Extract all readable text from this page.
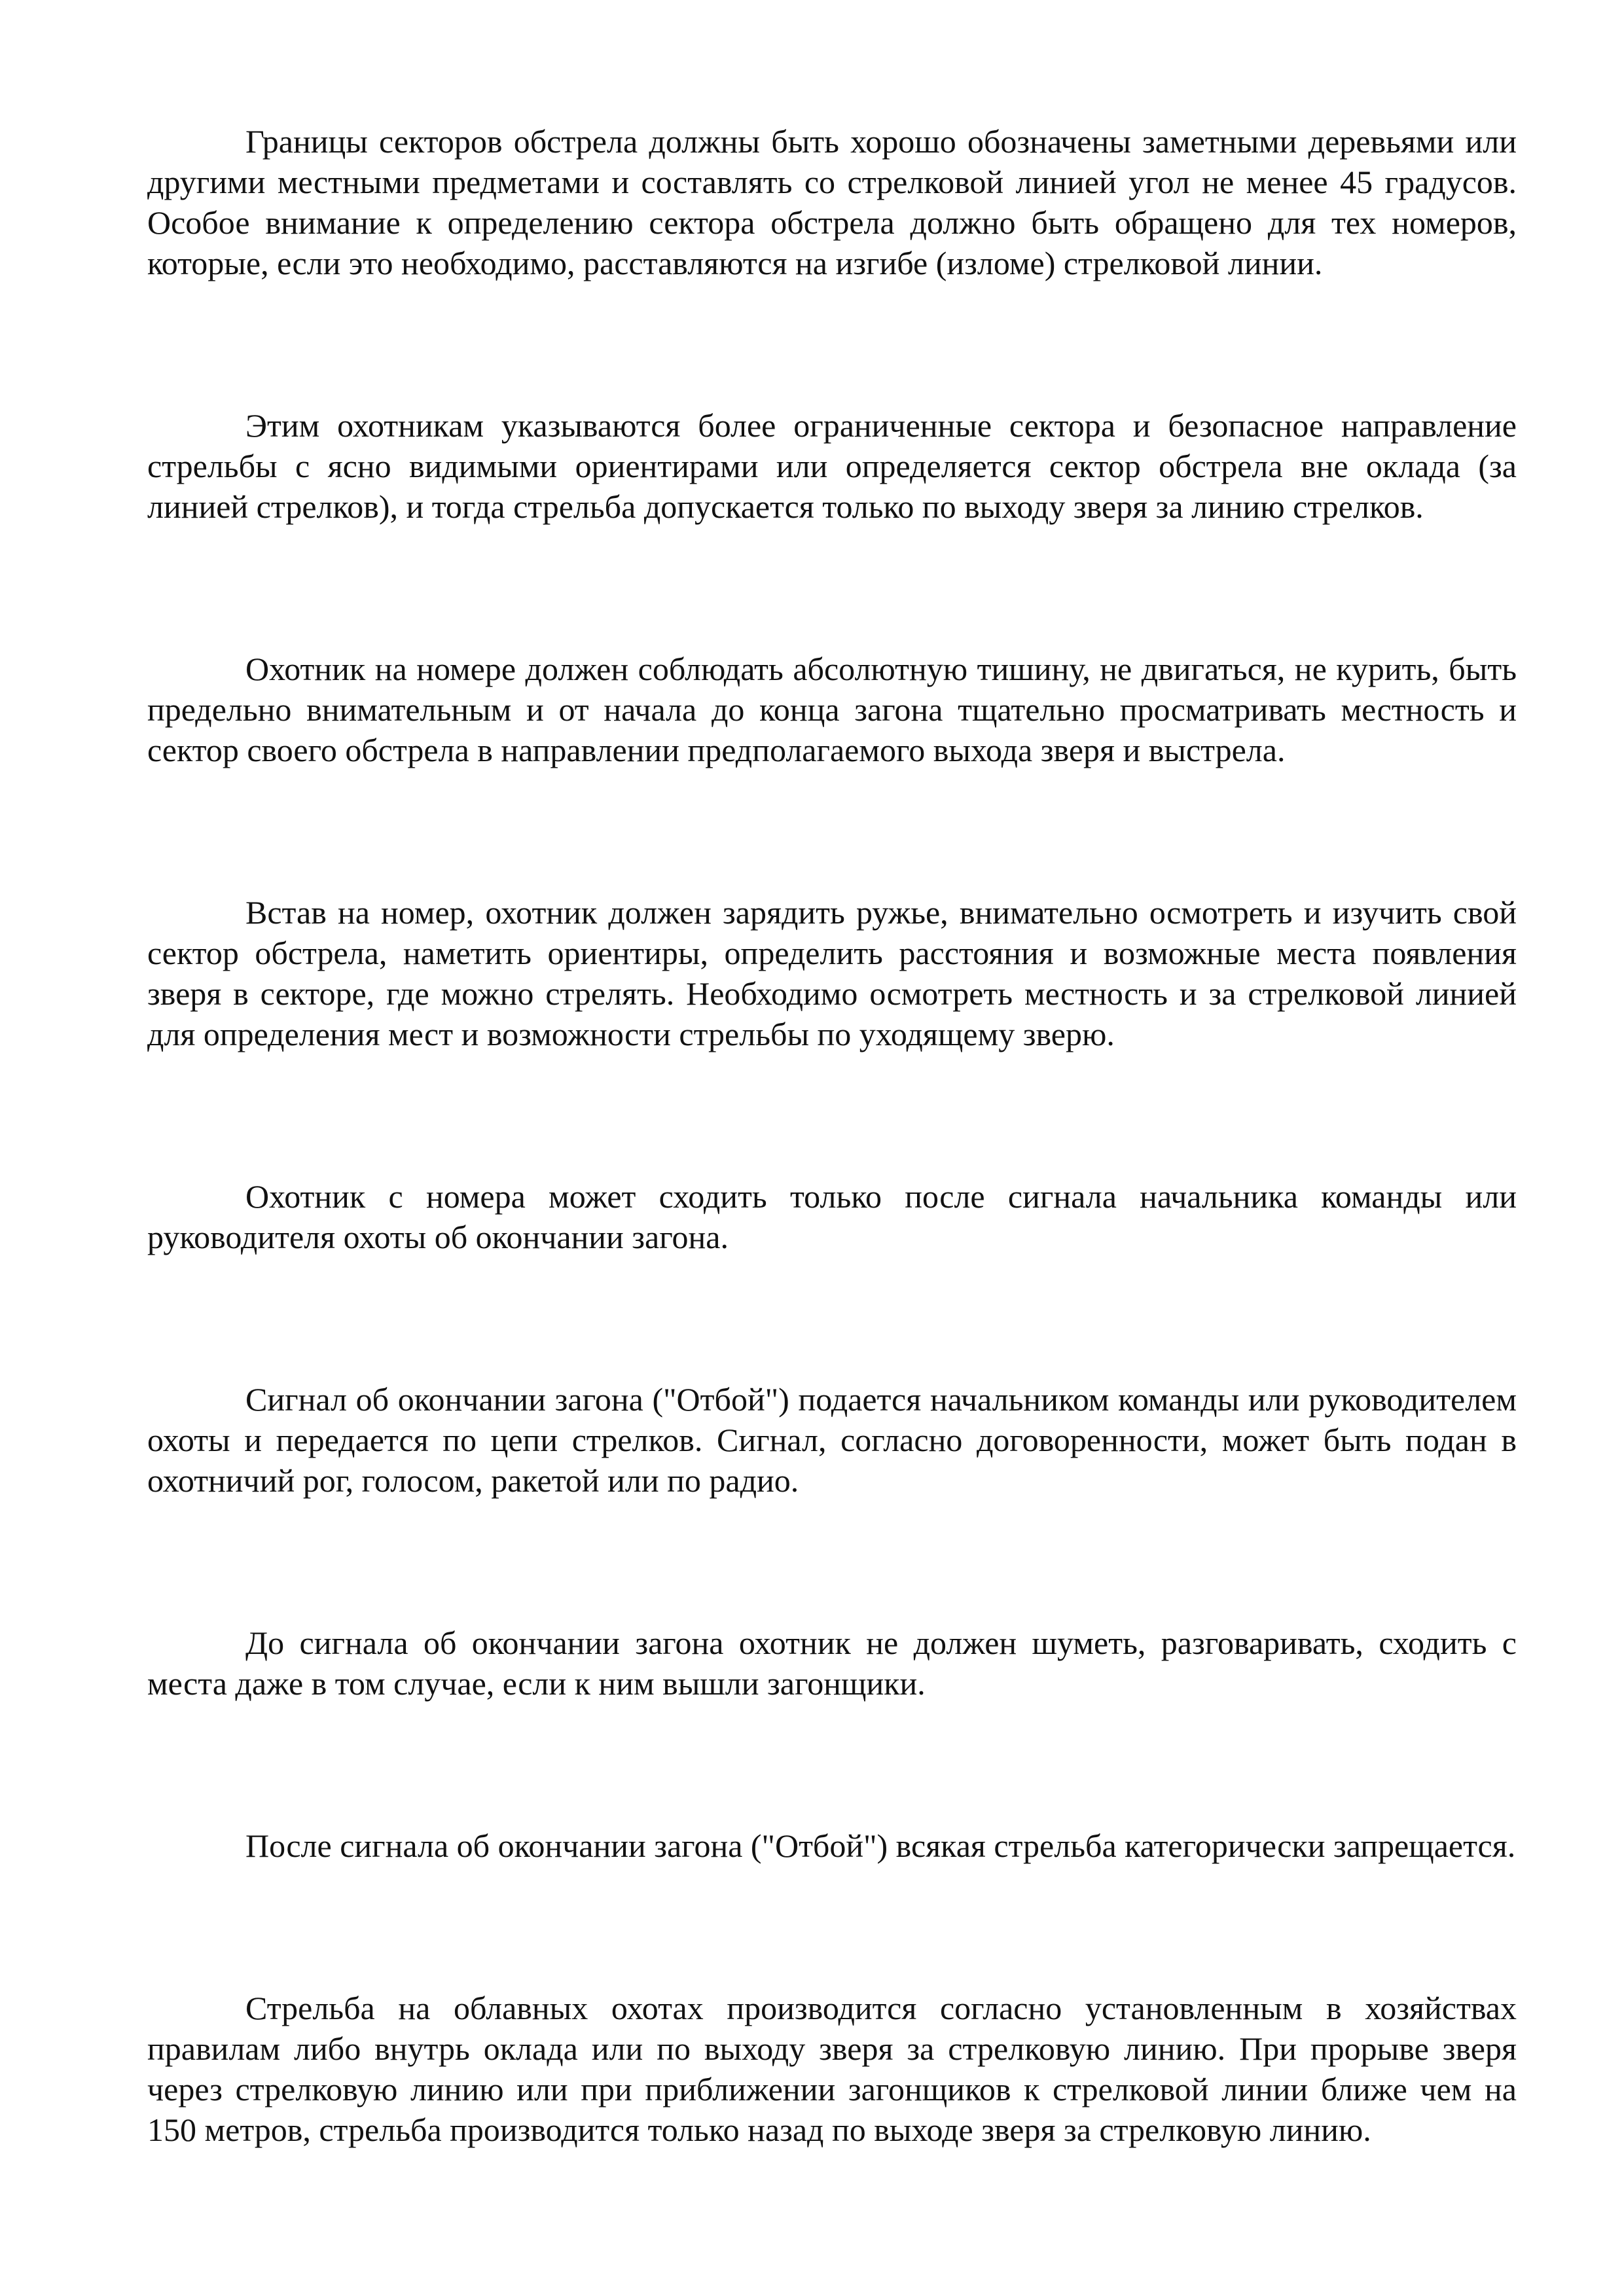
Границы секторов обстрела должны быть хорошо обозначены заметными деревьями или другими местными предметами и составлять со стрелковой линией угол не менее 45 градусов. Особое внимание к определению сектора обстрела должно быть обращено для тех номеров, которые, если это необходимо, расставляются на изгибе (изломе) стрелковой линии.

Этим охотникам указываются более ограниченные сектора и безопасное направление стрельбы с ясно видимыми ориентирами или определяется сектор обстрела вне оклада (за линией стрелков), и тогда стрельба допускается только по выходу зверя за линию стрелков.

Охотник на номере должен соблюдать абсолютную тишину, не двигаться, не курить, быть предельно внимательным и от начала до конца загона тщательно просматривать местность и сектор своего обстрела в направлении предполагаемого выхода зверя и выстрела.

Встав на номер, охотник должен зарядить ружье, внимательно осмотреть и изучить свой сектор обстрела, наметить ориентиры, определить расстояния и возможные места появления зверя в секторе, где можно стрелять. Необходимо осмотреть местность и за стрелковой линией для определения мест и возможности стрельбы по уходящему зверю.

Охотник с номера может сходить только после сигнала начальника команды или руководителя охоты об окончании загона.

Сигнал об окончании загона ("Отбой") подается начальником команды или руководителем охоты и передается по цепи стрелков. Сигнал, согласно договоренности, может быть подан в охотничий рог, голосом, ракетой или по радио.

До сигнала об окончании загона охотник не должен шуметь, разговаривать, сходить с места даже в том случае, если к ним вышли загонщики.

После сигнала об окончании загона ("Отбой") всякая стрельба категорически запрещается.

Стрельба на облавных охотах производится согласно установленным в хозяйствах правилам либо внутрь оклада или по выходу зверя за стрелковую линию. При прорыве зверя через стрелковую линию или при приближении загонщиков к стрелковой линии ближе чем на 150 метров, стрельба производится только назад по выходе зверя за стрелковую линию.
